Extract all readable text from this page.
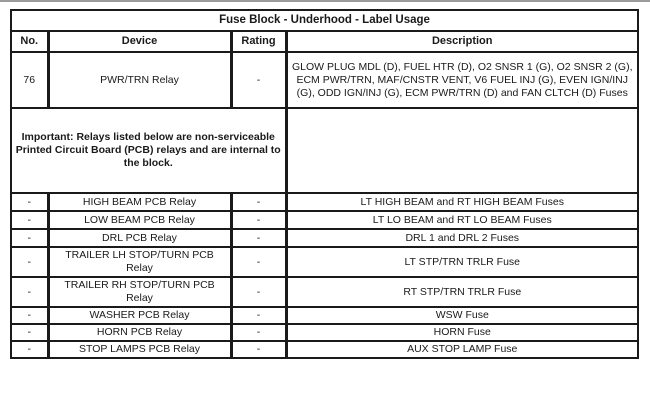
Fuse Block - Underhood - Label Usage			
No.	Device	Rating	Description
76	PWR/TRN Relay	-	GLOW PLUG MDL (D), FUEL HTR (D), O2 SNSR 1 (G), O2 SNSR 2 (G), ECM PWR/TRN, MAF/CNSTR VENT, V6 FUEL INJ (G), EVEN IGN/INJ (G), ODD IGN/INJ (G), ECM PWR/TRN (D) and FAN CLTCH (D) Fuses
Important: Relays listed below are non-serviceable Printed Circuit Board (PCB) relays and are internal to the block.			
-	HIGH BEAM PCB Relay	-	LT HIGH BEAM and RT HIGH BEAM Fuses
-	LOW BEAM PCB Relay	-	LT LO BEAM and RT LO BEAM Fuses
-	DRL PCB Relay	-	DRL 1 and DRL 2 Fuses
-	TRAILER LH STOP/TURN PCB Relay	-	LT STP/TRN TRLR Fuse
-	TRAILER RH STOP/TURN PCB Relay	-	RT STP/TRN TRLR Fuse
-	WASHER PCB Relay	-	WSW Fuse
-	HORN PCB Relay	-	HORN Fuse
-	STOP LAMPS PCB Relay	-	AUX STOP LAMP Fuse
